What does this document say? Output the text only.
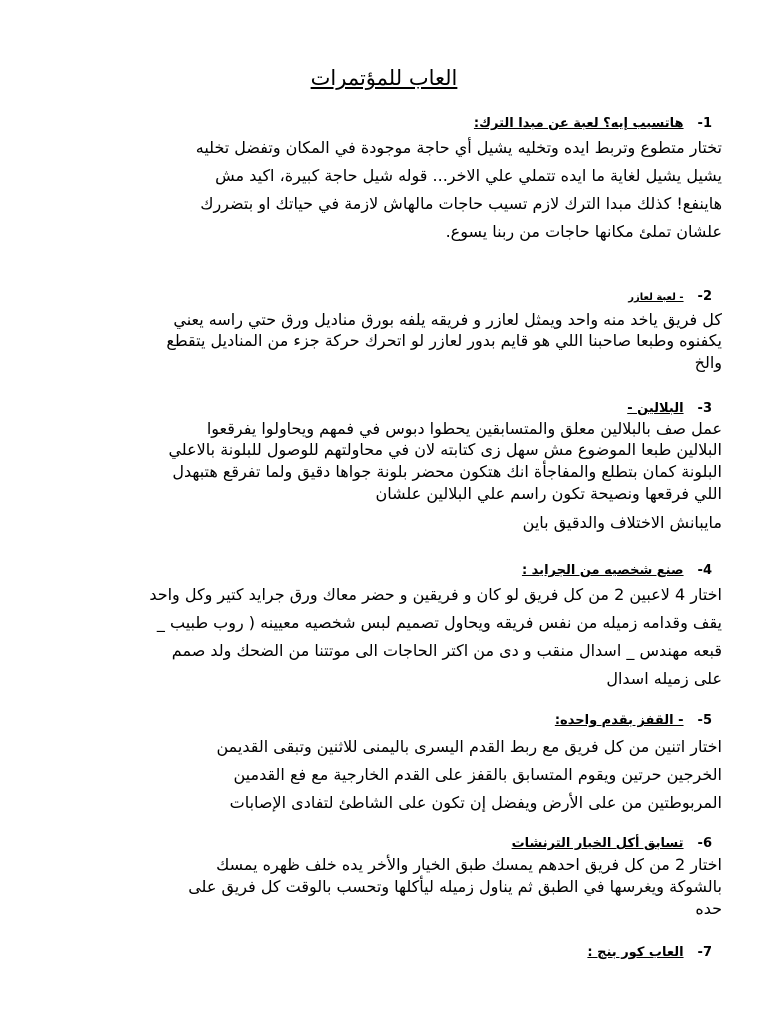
العاب للمؤتمرات
1-هاتسيب إيه؟ لعبة عن مبدا الترك:
تختار متطوع وتربط ايده وتخليه يشيل أي حاجة موجودة في المكان وتفضل تخليه
يشيل يشيل لغاية ما ايده تتملي علي الاخر... قوله شيل حاجة كبيرة، اكيد مش
هاينفع! كذلك مبدا الترك لازم تسيب حاجات مالهاش لازمة في حياتك او بتضررك
علشان تملئ مكانها حاجات من ربنا يسوع.
2-- لعبة لعازر
كل فريق ياخد منه واحد ويمثل لعازر و فريقه يلفه بورق مناديل ورق حتي راسه يعني
يكفنوه وطبعا صاحبنا اللي هو قايم بدور لعازر لو اتحرك حركة جزء من المناديل يتقطع
والخ
3-البلالين -
عمل صف بالبلالين معلق والمتسابقين يحطوا دبوس في فمهم ويحاولوا يفرقعوا
البلالين طبعا الموضوع مش سهل زى كتابته لان في محاولتهم للوصول للبلونة بالاعلي
البلونة كمان بتطلع والمفاجأة انك هتكون محضر بلونة جواها دقيق ولما تفرقع هتبهدل
اللي فرقعها ونصيحة تكون راسم علي البلالين علشان
مايبانش الاختلاف والدقيق باين
4-صنع شخصيه من الجرايد :
اختار 4 لاعبين 2 من كل فريق لو كان و فريقين و حضر معاك ورق جرايد كتير وكل واحد
يقف وقدامه زميله من نفس فريقه ويحاول تصميم لبس شخصيه معيينه ( روب طبيب _
قبعه مهندس _ اسدال منقب و دى من اكتر الحاجات الى موتتنا من الضحك ولد صمم
على زميله اسدال
5-- القفز بقدم واحده:
اختار اتنين من كل فريق مع ربط القدم اليسرى باليمنى للاثنين وتبقى القديمن
الخرجين حرتين ويقوم المتسابق بالقفز على القدم الخارجية مع فع القدمين
المربوطتين من على الأرض ويفضل إن تكون على الشاطئ لتفادى الإصابات
6-تسابق أكل الخيار الترنشات
اختار 2 من كل فريق احدهم يمسك طبق الخيار والأخر يده خلف ظهره يمسك
بالشوكة ويغرسها في الطبق ثم يناول زميله ليأكلها وتحسب بالوقت كل فريق على
حده
7-العاب كور بنج :
